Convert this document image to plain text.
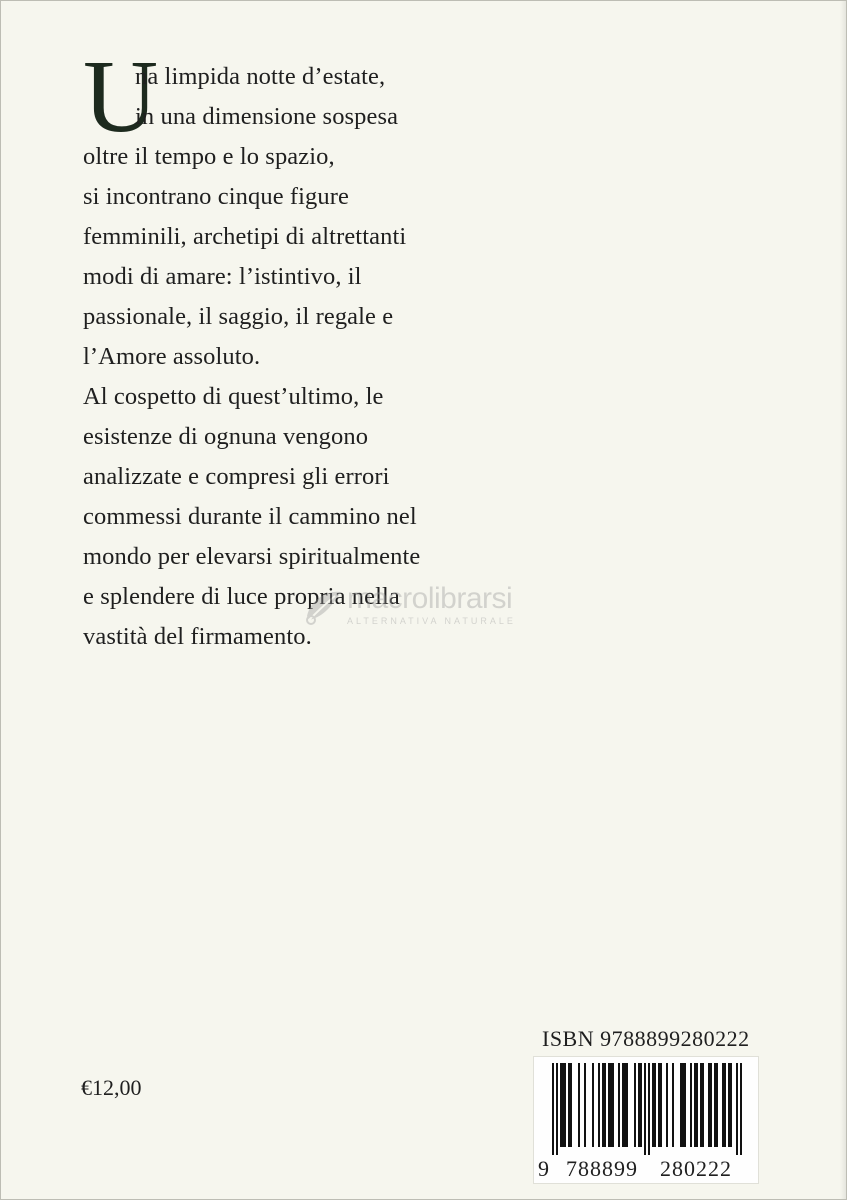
U
na limpida notte d’estate,
in una dimensione sospesa
oltre il tempo e lo spazio,
si incontrano cinque figure
femminili, archetipi di altrettanti
modi di amare: l’istintivo, il
passionale, il saggio, il regale e
l’Amore assoluto.
Al cospetto di quest’ultimo, le
esistenze di ognuna vengono
analizzate e compresi gli errori
commessi durante il cammino nel
mondo per elevarsi spiritualmente
e splendere di luce propria nella
vastità del firmamento.
macrolibrarsi
ALTERNATIVA NATURALE
€12,00
ISBN 9788899280222
9 788899 280222
